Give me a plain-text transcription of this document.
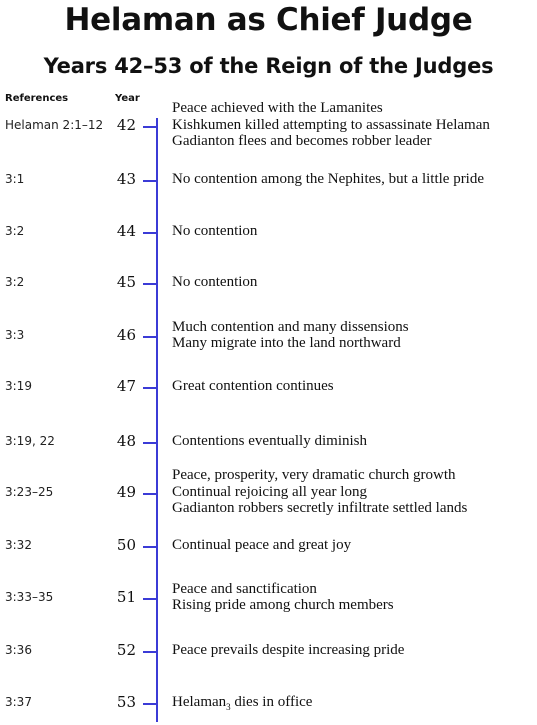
Helaman as Chief Judge
Years 42–53 of the Reign of the Judges
References	Year
Helaman 2:1–12 42
Peace achieved with the Lamanites
Kishkumen killed attempting to assassinate Helaman
Gadianton flees and becomes robber leader
3:1	43 No contention among the Nephites, but a little pride
3:2	44 No contention
3:2	45 No contention
3:3	46 Much contention and many dissensions
Many migrate into the land northward
3:19	47 Great contention continues
3:19, 22	48 Contentions eventually diminish
3:23–25	49
Peace, prosperity, very dramatic church growth
Continual rejoicing all year long
Gadianton robbers secretly infiltrate settled lands
3:32	50 Continual peace and great joy
3:33–35	51 Peace and sanctification
Rising pride among church members
3:36	52 Peace prevails despite increasing pride
3:37	53 Helaman$_3$ dies in office
